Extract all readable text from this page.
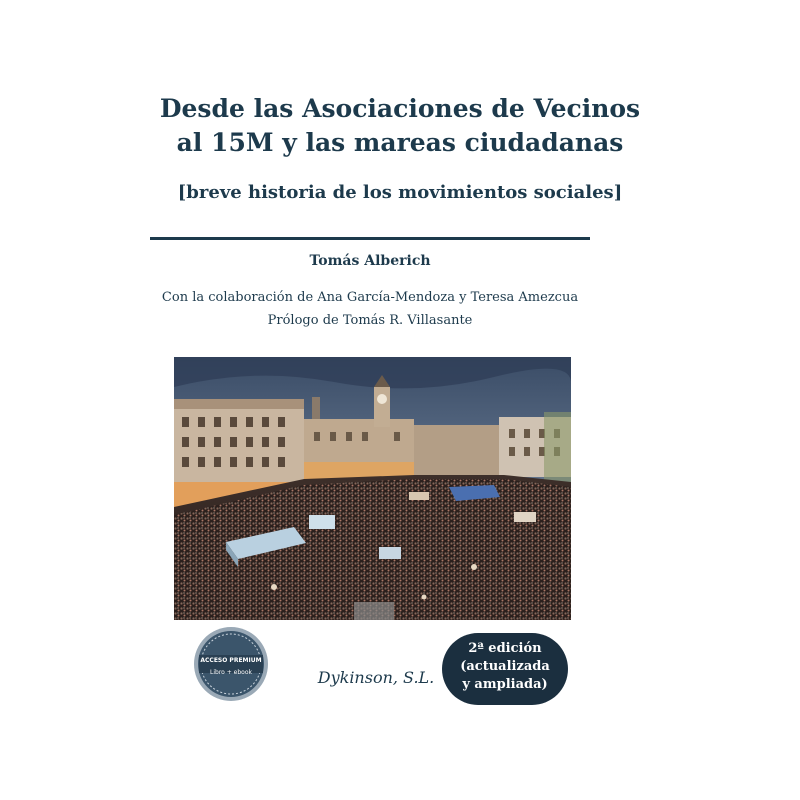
Desde las Asociaciones de Vecinos
al 15M y las mareas ciudadanas
[breve historia de los movimientos sociales]
Tomás Alberich
Con la colaboración de Ana García-Mendoza y Teresa Amezcua
Prólogo de Tomás R. Villasante
ACCESO PREMIUM
Libro + ebook	Dykinson, S.L.
2ª edición
(actualizada
y ampliada)
